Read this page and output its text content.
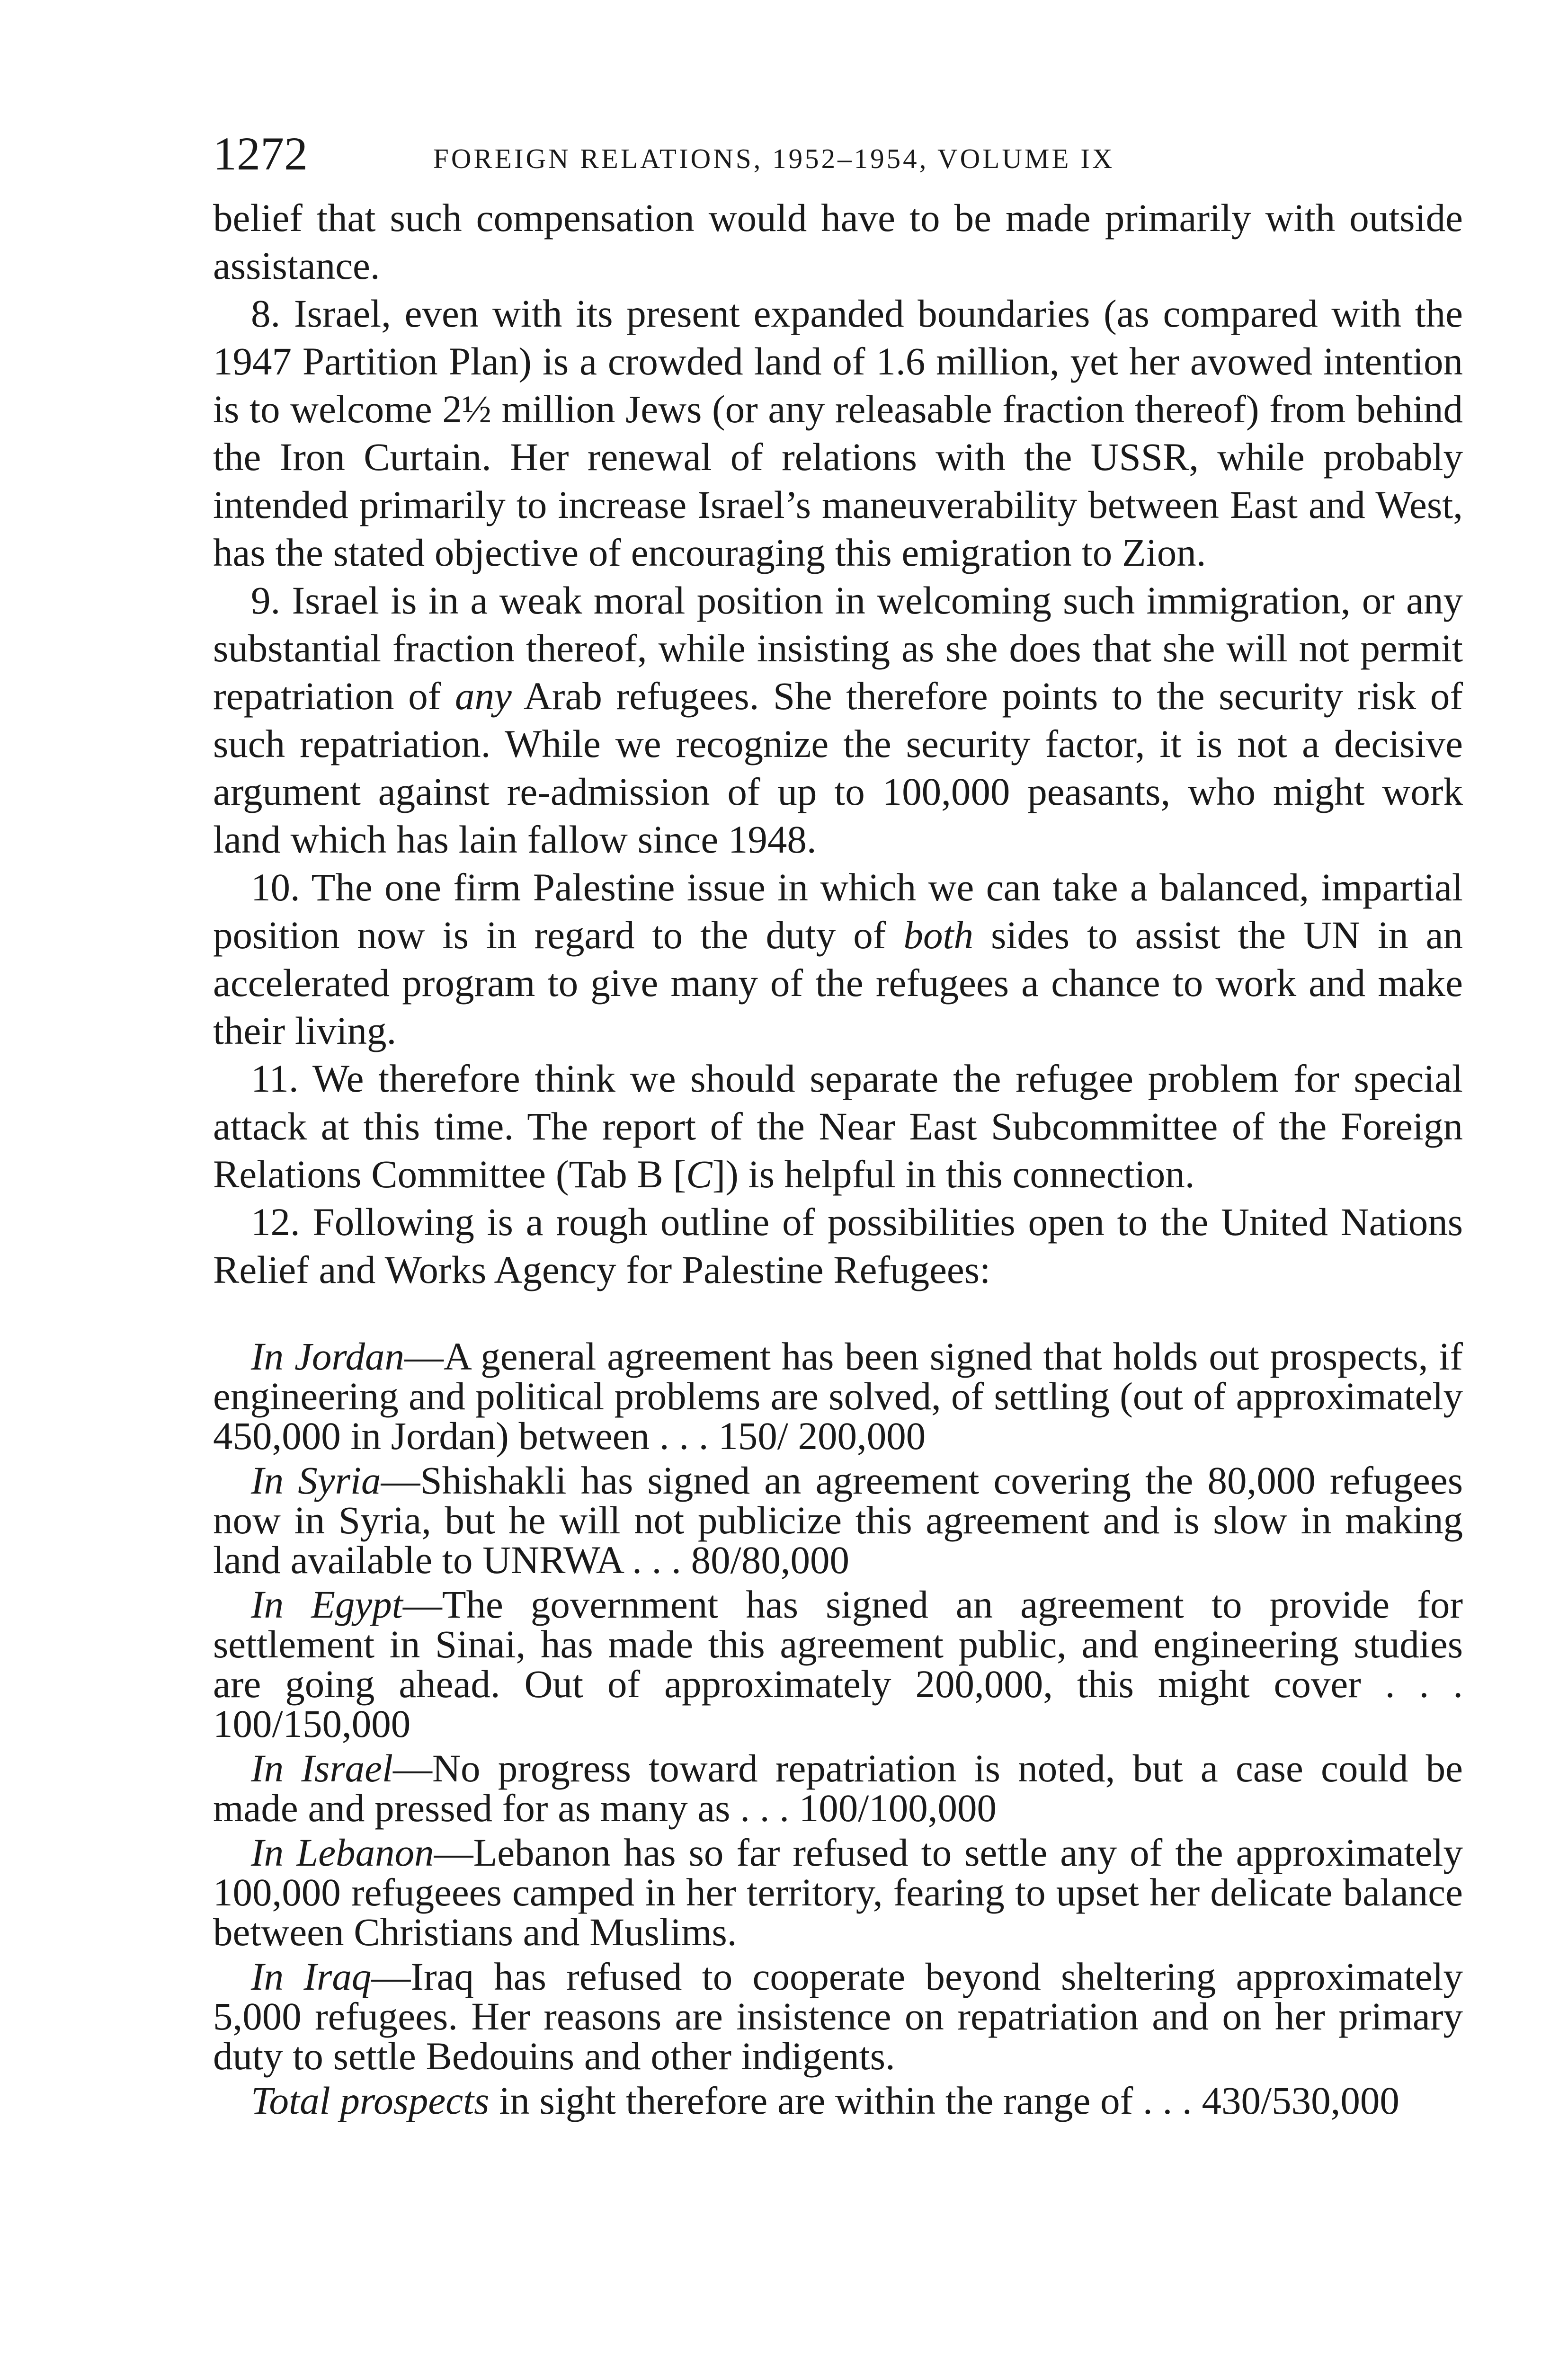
1272	FOREIGN RELATIONS, 1952–1954, VOLUME IX

belief that such compensation would have to be made primarily with outside assistance.

8. Israel, even with its present expanded boundaries (as compared with the 1947 Partition Plan) is a crowded land of 1.6 million, yet her avowed intention is to welcome 2½ million Jews (or any releasable fraction thereof) from behind the Iron Curtain. Her renewal of relations with the USSR, while probably intended primarily to increase Israel’s maneuverability between East and West, has the stated objective of encouraging this emigration to Zion.

9. Israel is in a weak moral position in welcoming such immigration, or any substantial fraction thereof, while insisting as she does that she will not permit repatriation of any Arab refugees. She therefore points to the security risk of such repatriation. While we recognize the security factor, it is not a decisive argument against re-admission of up to 100,000 peasants, who might work land which has lain fallow since 1948.

10. The one firm Palestine issue in which we can take a balanced, impartial position now is in regard to the duty of both sides to assist the UN in an accelerated program to give many of the refugees a chance to work and make their living.

11. We therefore think we should separate the refugee problem for special attack at this time. The report of the Near East Subcommittee of the Foreign Relations Committee (Tab B [C]) is helpful in this connection.

12. Following is a rough outline of possibilities open to the United Nations Relief and Works Agency for Palestine Refugees:

In Jordan—A general agreement has been signed that holds out prospects, if engineering and political problems are solved, of settling (out of approximately 450,000 in Jordan) between . . . 150/ 200,000

In Syria—Shishakli has signed an agreement covering the 80,000 refugees now in Syria, but he will not publicize this agreement and is slow in making land available to UNRWA . . . 80/80,000

In Egypt—The government has signed an agreement to provide for settlement in Sinai, has made this agreement public, and engineering studies are going ahead. Out of approximately 200,000, this might cover . . . 100/150,000

In Israel—No progress toward repatriation is noted, but a case could be made and pressed for as many as . . . 100/100,000

In Lebanon—Lebanon has so far refused to settle any of the approximately 100,000 refugeees camped in her territory, fearing to upset her delicate balance between Christians and Muslims.

In Iraq—Iraq has refused to cooperate beyond sheltering approximately 5,000 refugees. Her reasons are insistence on repatriation and on her primary duty to settle Bedouins and other indigents.

Total prospects in sight therefore are within the range of . . . 430/530,000
